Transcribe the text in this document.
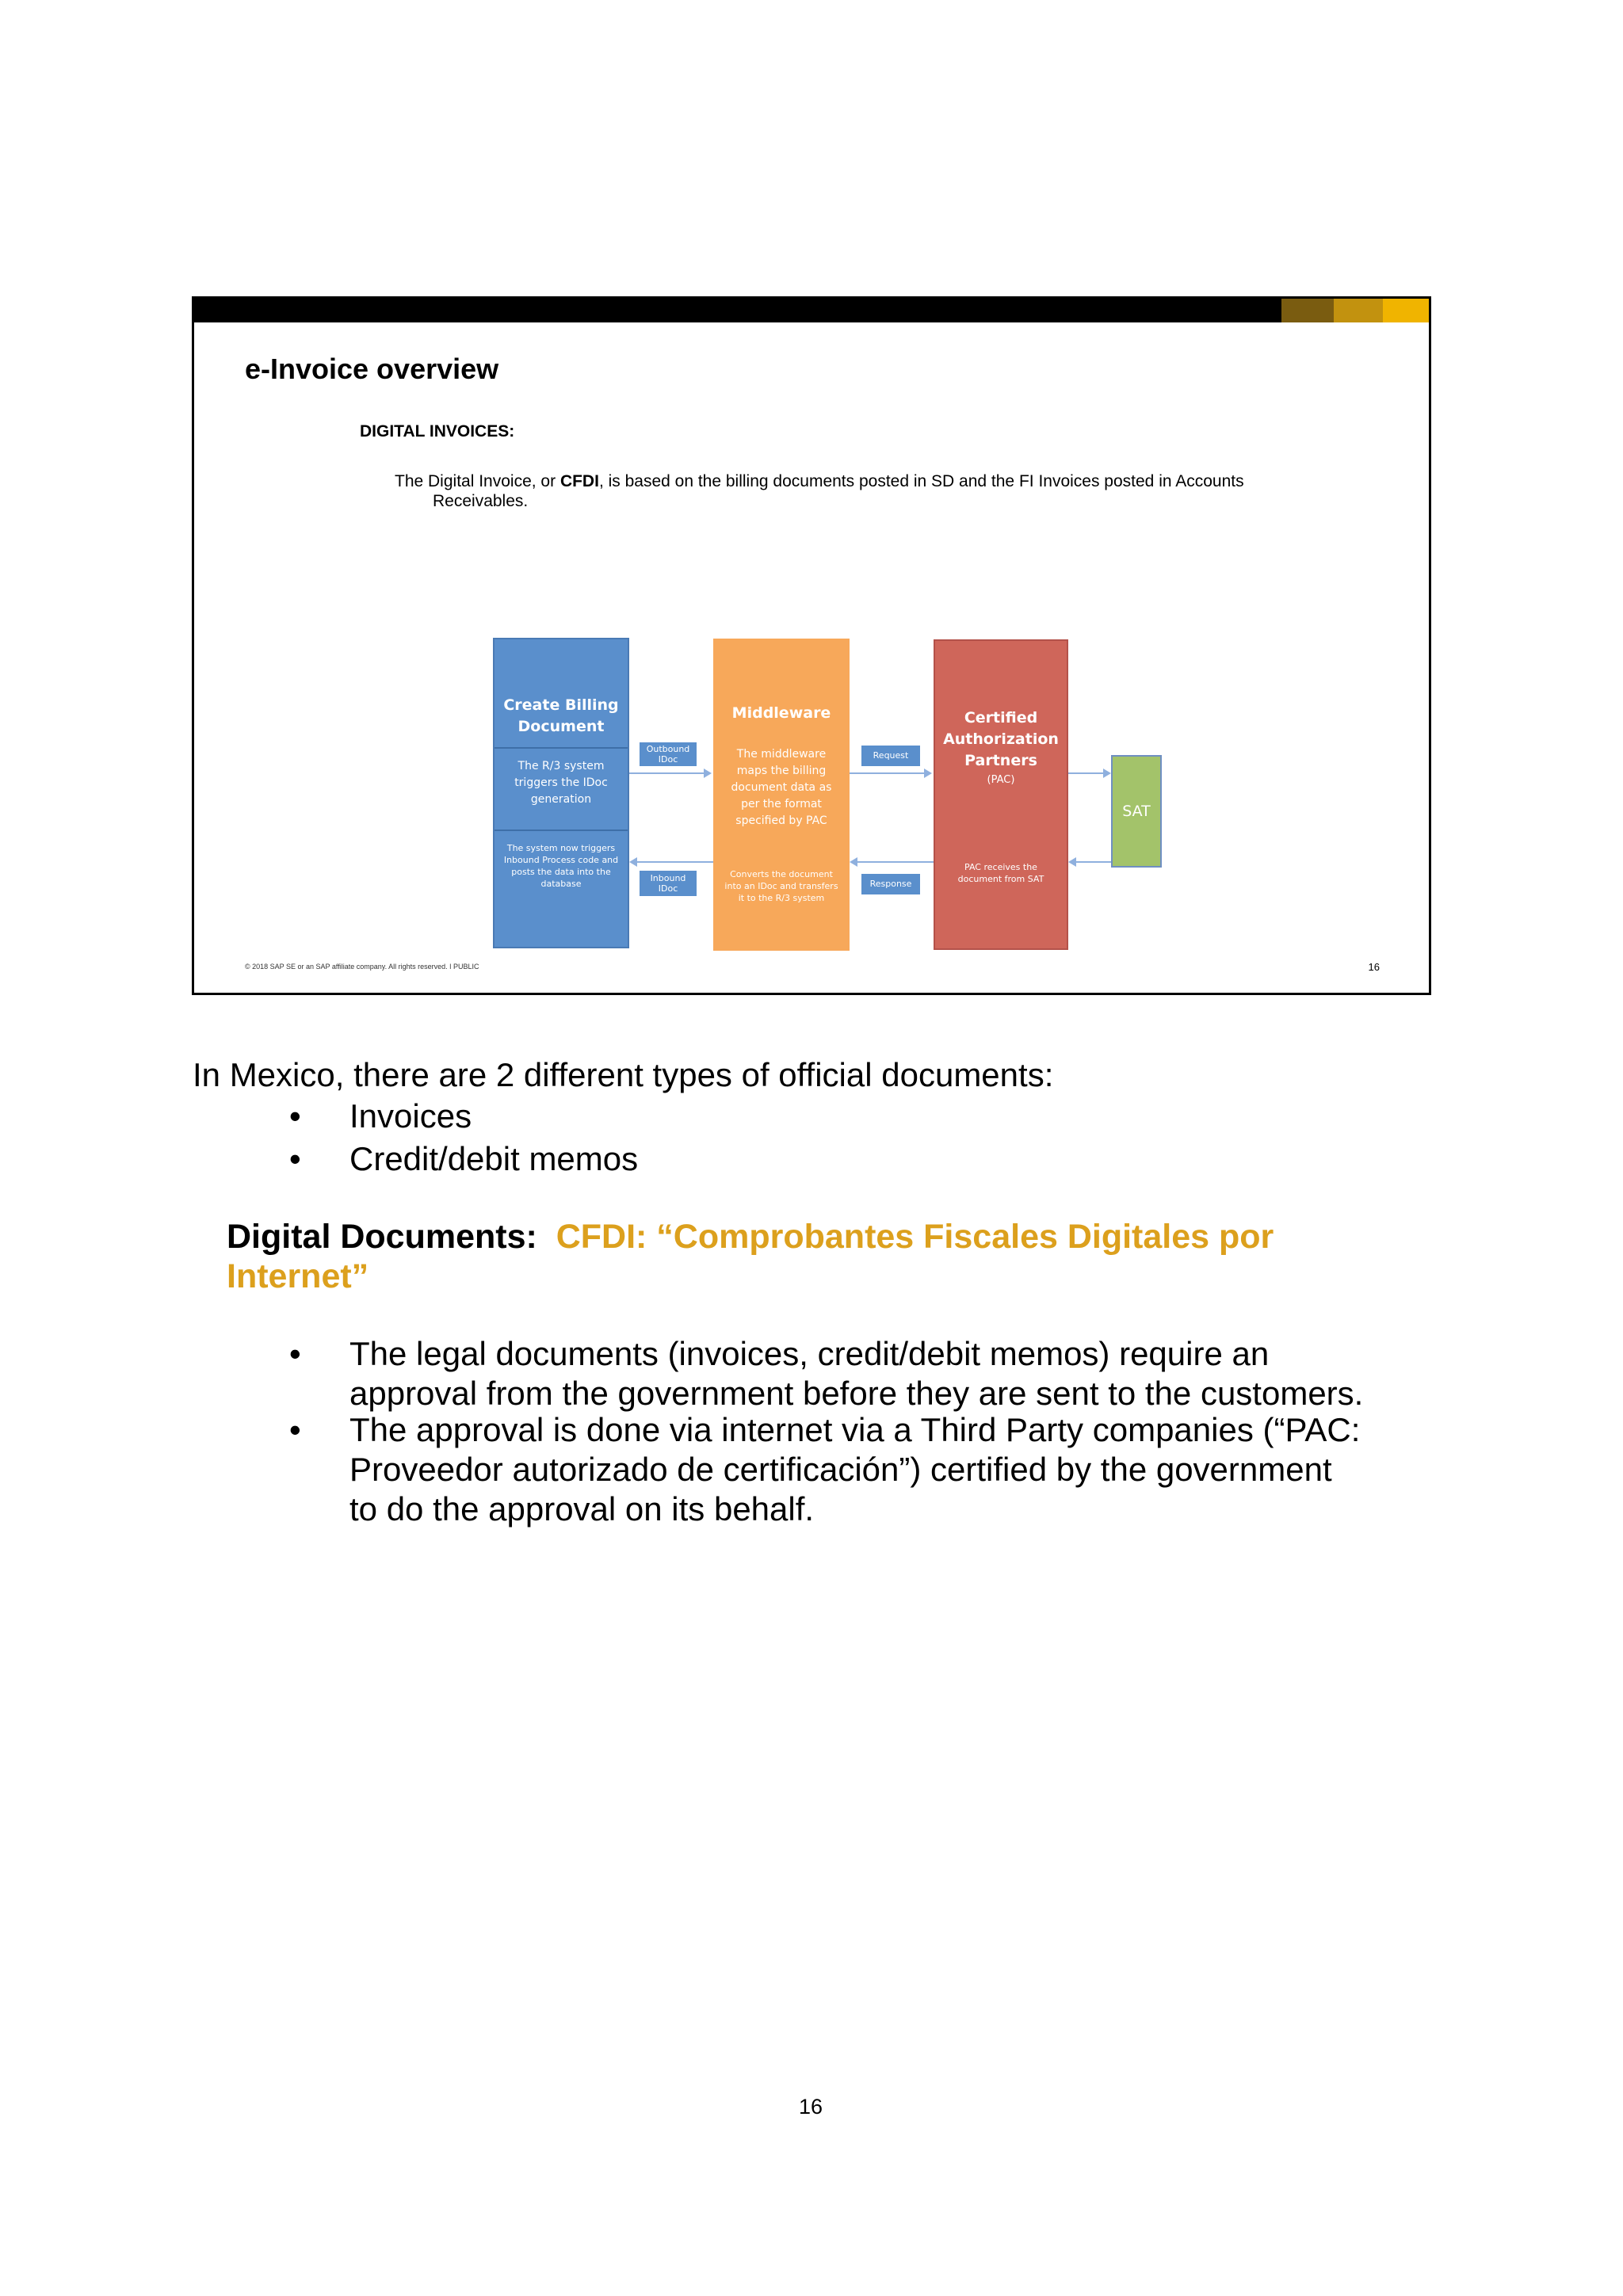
e-Invoice overview
DIGITAL INVOICES:
The Digital Invoice, or CFDI, is based on the billing documents posted in SD and the FI Invoices posted in Accounts
Receivables.
Create Billing
Document
The R/3 system
triggers the IDoc
generation
The system now triggers
Inbound Process code and
posts the data into the
database
Middleware
The middleware
maps the billing
document data as
per the format
specified by PAC
Converts the document
into an IDoc and transfers
it to the R/3 system
Certified
Authorization
Partners
(PAC)
PAC receives the
document from SAT
SAT
Outbound
IDoc
Inbound
IDoc
Request
Response
© 2018 SAP SE or an SAP affiliate company. All rights reserved. ǀ PUBLIC	16
In Mexico, there are 2 different types of official documents:
• Invoices
• Credit/debit memos
Digital Documents: CFDI: “Comprobantes Fiscales Digitales por
Internet”
• The legal documents (invoices, credit/debit memos) require an
approval from the government before they are sent to the customers.
• The approval is done via internet via a Third Party companies (“PAC:
Proveedor autorizado de certificación”) certified by the government
to do the approval on its behalf.
16
